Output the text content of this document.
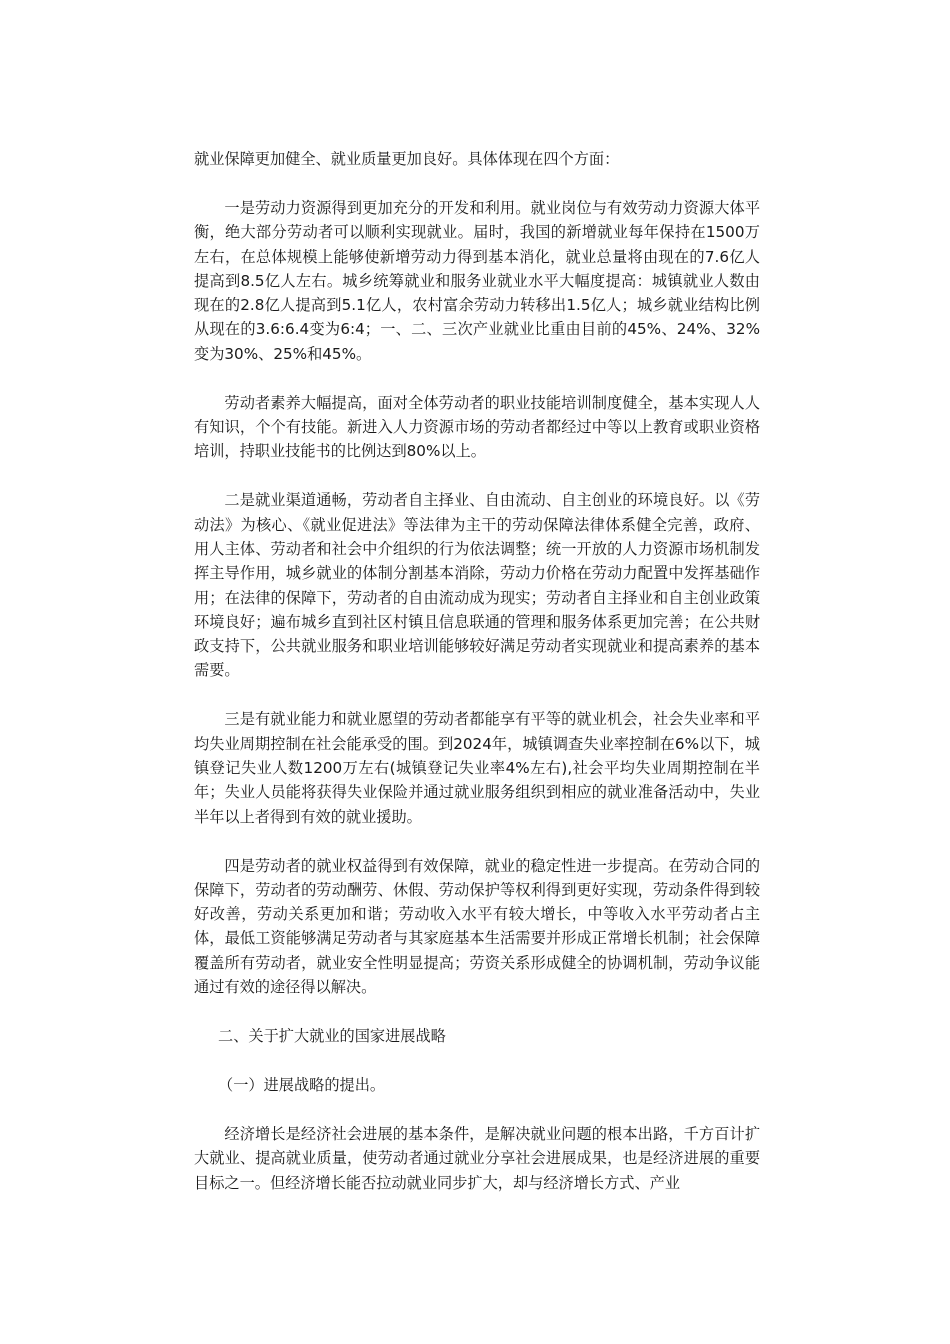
就业保障更加健全、就业质量更加良好。具体体现在四个方面：

一是劳动力资源得到更加充分的开发和利用。就业岗位与有效劳动力资源大体平衡，绝大部分劳动者可以顺利实现就业。届时，我国的新增就业每年保持在1500万左右，在总体规模上能够使新增劳动力得到基本消化，就业总量将由现在的7.6亿人提高到8.5亿人左右。城乡统筹就业和服务业就业水平大幅度提高：城镇就业人数由现在的2.8亿人提高到5.1亿人，农村富余劳动力转移出1.5亿人；城乡就业结构比例从现在的3.6:6.4变为6:4；一、二、三次产业就业比重由目前的45%、24%、32%变为30%、25%和45%。

劳动者素养大幅提高，面对全体劳动者的职业技能培训制度健全，基本实现人人有知识，个个有技能。新进入人力资源市场的劳动者都经过中等以上教育或职业资格培训，持职业技能书的比例达到80%以上。

二是就业渠道通畅，劳动者自主择业、自由流动、自主创业的环境良好。以《劳动法》为核心、《就业促进法》等法律为主干的劳动保障法律体系健全完善，政府、用人主体、劳动者和社会中介组织的行为依法调整；统一开放的人力资源市场机制发挥主导作用，城乡就业的体制分割基本消除，劳动力价格在劳动力配置中发挥基础作用；在法律的保障下，劳动者的自由流动成为现实；劳动者自主择业和自主创业政策环境良好；遍布城乡直到社区村镇且信息联通的管理和服务体系更加完善；在公共财政支持下，公共就业服务和职业培训能够较好满足劳动者实现就业和提高素养的基本需要。

三是有就业能力和就业愿望的劳动者都能享有平等的就业机会，社会失业率和平均失业周期控制在社会能承受的围。到2024年，城镇调查失业率控制在6%以下，城镇登记失业人数1200万左右(城镇登记失业率4%左右),社会平均失业周期控制在半年；失业人员能将获得失业保险并通过就业服务组织到相应的就业准备活动中，失业半年以上者得到有效的就业援助。

四是劳动者的就业权益得到有效保障，就业的稳定性进一步提高。在劳动合同的保障下，劳动者的劳动酬劳、休假、劳动保护等权利得到更好实现，劳动条件得到较好改善，劳动关系更加和谐；劳动收入水平有较大增长，中等收入水平劳动者占主体，最低工资能够满足劳动者与其家庭基本生活需要并形成正常增长机制；社会保障覆盖所有劳动者，就业安全性明显提高；劳资关系形成健全的协调机制，劳动争议能通过有效的途径得以解决。

二、关于扩大就业的国家进展战略

（一）进展战略的提出。

经济增长是经济社会进展的基本条件，是解决就业问题的根本出路，千方百计扩大就业、提高就业质量，使劳动者通过就业分享社会进展成果，也是经济进展的重要目标之一。但经济增长能否拉动就业同步扩大，却与经济增长方式、产业
